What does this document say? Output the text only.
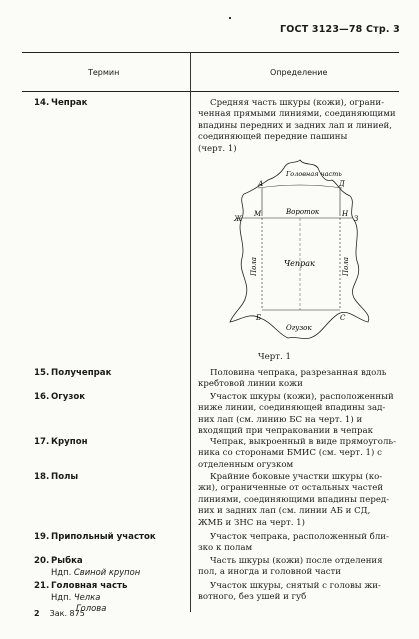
ГОСТ 3123—78 Стр. 3
Термин	Определение
14. Чепрак	Средняя часть шкуры (кожи), ограни-
ченная прямыми линиями, соединяющими
впадины передних и задних лап и линией,
соединяющей передние пашины
(черт. 1)
Головная часть
А	Д
Вороток
Ж
М	Н
З
Чепрак
Пола	Пола
Б	С
Огузок
Черт. 1
15. Получепрак	Половина чепрака, разрезанная вдоль
кребтовой линии кожи
16. Огузок	Участок шкуры (кожи), расположенный
ниже линии, соединяющей впадины зад-
них лап (см. линию БС на черт. 1) и
входящий при чепраковании в чепрак
17. Крупон	Чепрак, выкроенный в виде прямоуголь-
ника со сторонами БМИС (см. черт. 1) с
отделенным огузком
18. Полы	Крайние боковые участки шкуры (ко-
жи), ограниченные от остальных частей
линиями, соединяющими впадины перед-
них и задних лап (см. линии АБ и СД,
ЖМБ и ЗНС на черт. 1)
19. Припольный участок	Участок чепрака, расположенный бли-
зко к полам
20. Рыбка
Ндп. Свиной крупон
Часть шкуры (кожи) после отделения
пол, а иногда и головной части
21. Головная часть
Ндп. Челка
Голова
Участок шкуры, снятый с головы жи-
вотного, без ушей и губ
2 Зак. 875
